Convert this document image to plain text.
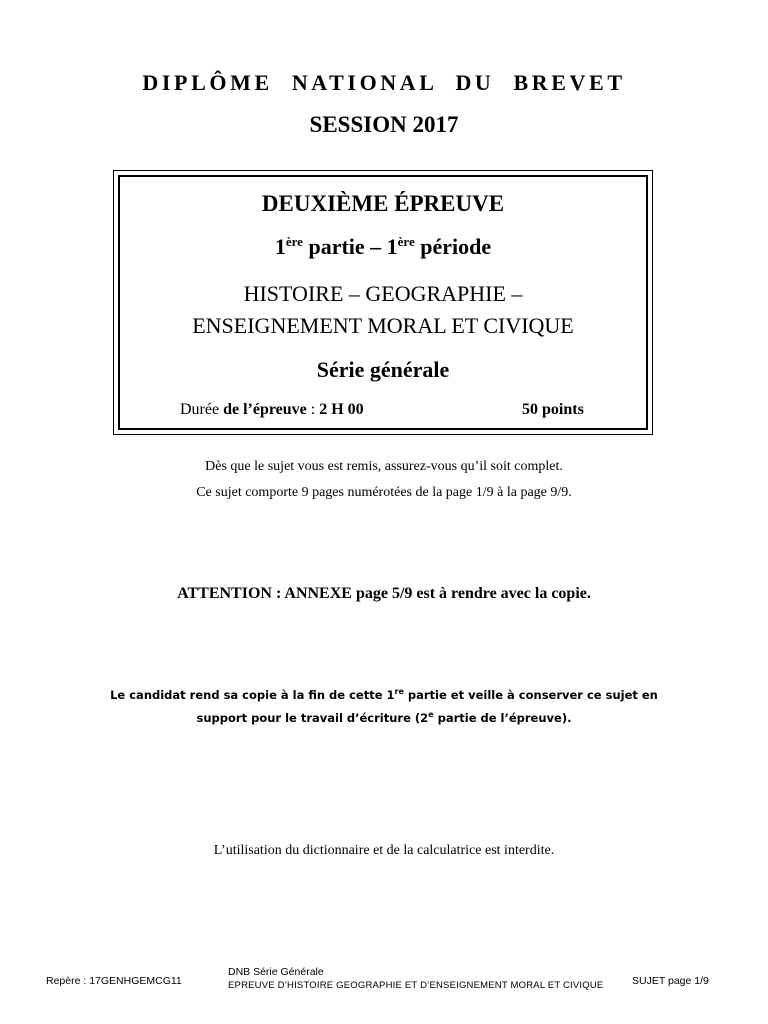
DIPLÔME NATIONAL DU BREVET
SESSION 2017
DEUXIÈME ÉPREUVE
1ère partie – 1ère période
HISTOIRE – GEOGRAPHIE –
ENSEIGNEMENT MORAL ET CIVIQUE
Série générale
Durée de l’épreuve : 2 H 00	50 points
Dès que le sujet vous est remis, assurez-vous qu’il soit complet.
Ce sujet comporte 9 pages numérotées de la page 1/9 à la page 9/9.
ATTENTION : ANNEXE page 5/9 est à rendre avec la copie.
Le candidat rend sa copie à la fin de cette 1re partie et veille à conserver ce sujet en
support pour le travail d’écriture (2e partie de l’épreuve).
L’utilisation du dictionnaire et de la calculatrice est interdite.
Repère : 17GENHGEMCG11
DNB Série Générale
EPREUVE D’HISTOIRE GEOGRAPHIE ET D’ENSEIGNEMENT MORAL ET CIVIQUE	SUJET page 1/9
